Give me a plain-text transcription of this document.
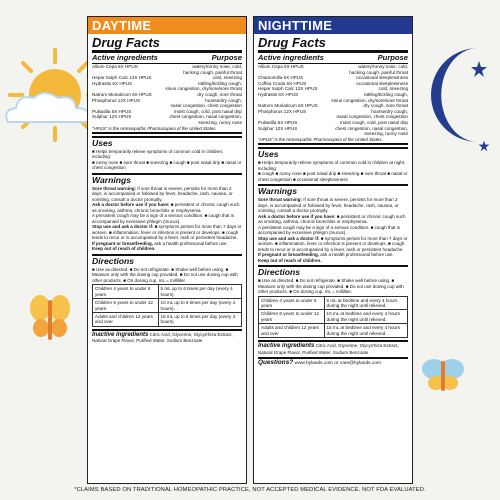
DAYTIME
Drug Facts
Active ingredients	Purpose
Allium Cepa 6X HPUS	watery/runny nose, cold,
hacking cough, painful throat
Hepar Sulph Calc 12X HPUS	cold, sneezing
Hydrastis 6X HPUS	rattling/tickling cough,
sinus congestion, dry/sore/sore throat
Natrum Muriaticum 6X HPUS	dry cough, sore throat
Phosphorus 12X HPUS	hoarse/dry cough,
nasal congestion, chest congestion
Pulsatilla 6X HPUS	moist cough, cold, post nasal drip
Sulphur 12X HPUS	chest congestion, nasal congestion,
sneezing, runny nose
"HPUS" is the Homeopathic Pharmacopeia of the United States.
Uses
■ Helps temporarily relieve symptoms of common cold in children, including:
■ runny nose ■ sore throat ■ sneezing ■ cough ■ post nasal drip ■ nasal or chest congestion
Warnings
Sore throat warning: If sore throat is severe, persists for more than 2 days, is accompanied or followed by fever, headache, rash, nausea, or vomiting, consult a doctor promptly.
Ask a doctor before use if you have: ■ persistent or chronic cough such as smoking, asthma, chronic bronchitis or emphysema.
A persistent cough may be a sign of a serious condition. ■ cough that is accompanied by excessive phlegm (mucus).
Stop use and ask a doctor if: ■ symptoms persist for more than 7 days or worsen. ■ inflammation, fever or infection is present or develops. ■ cough tends to recur or is accompanied by a fever, rash or persistent headache.
If pregnant or breastfeeding, ask a health professional before use.
Keep out of reach of children.
Directions
■ Use as directed. ■ Do not refrigerate. ■ Shake well before using. ■ Measure only with the dosing cup provided. ■ Do not use dosing cup with other products. ■ On dosing cup, mL = milliliter.
Children 4 years to under 6 years	5 mL up to 6 times per day (every 4 hours).
Children 6 years to under 12 years	10 mL up to 6 times per day (every 4 hours).
Adults and children 12 years and over	15 mL up to 6 times per day (every 4 hours).
Inactive ingredients Citric Acid, Glycerine, Glycyrrhiza Extract, Natural Grape Flavor, Purified Water, Sodium Benzoate
NIGHTTIME
Drug Facts
Active ingredients	Purpose
Allium Cepa 6X HPUS	watery/runny nose, cold,
hacking cough, painful throat
Chamomilla 6X HPUS	occasional sleeplessness
Coffea Cruda 6X HPUS	occasional sleeplessness
Hepar Sulph Calc 12X HPUS	cold, sneezing
Hydrastis 6X HPUS	rattling/tickling cough,
sinus congestion, dry/sore/sore throat
Natrum Muriaticum 6X HPUS	dry cough, sore throat
Phosphorus 12X HPUS	hoarse/dry cough,
nasal congestion, chest congestion
Pulsatilla 6X HPUS	moist cough, cold, post nasal drip
Sulphur 12X HPUS	chest congestion, nasal congestion,
sneezing, runny nose
"HPUS" is the Homeopathic Pharmacopeia of the United States.
Uses
■ Helps temporarily relieve symptoms of common cold in children at night, including:
■ cough ■ runny nose ■ post nasal drip ■ sneezing ■ sore throat ■ nasal or chest congestion ■ occasional sleeplessness
Warnings
Sore throat warning: If sore throat is severe, persists for more than 2 days, is accompanied or followed by fever, headache, rash, nausea, or vomiting, consult a doctor promptly.
Ask a doctor before use if you have: ■ persistent or chronic cough such as smoking, asthma, chronic bronchitis or emphysema.
A persistent cough may be a sign of a serious condition. ■ cough that is accompanied by excessive phlegm (mucus).
Stop use and ask a doctor if: ■ symptoms persist for more than 7 days or worsen. ■ inflammation, fever or infection is present or develops. ■ cough tends to recur or is accompanied by a fever, rash or persistent headache.
If pregnant or breastfeeding, ask a health professional before use.
Keep out of reach of children.
Directions
■ Use as directed. ■ Do not refrigerate. ■ Shake well before using. ■ Measure only with the dosing cup provided. ■ Do not use dosing cup with other products. ■ On dosing cup, mL = milliliter.
Children 4 years to under 6 years	5 mL at bedtime and every 4 hours during the night until relieved.
Children 6 years to under 12 years	10 mL at bedtime and every 4 hours during the night until relieved.
Adults and children 12 years and over	15 mL at bedtime and every 4 hours during the night until relieved.
Inactive ingredients Citric Acid, Glycerine, Glycyrrhiza Extract, Natural Grape Flavor, Purified Water, Sodium Benzoate
Questions? www.hylands.com or care@hylands.com
*CLAIMS BASED ON TRADITIONAL HOMEOPATHIC PRACTICE, NOT ACCEPTED MEDICAL EVIDENCE. NOT FDA EVALUATED.
